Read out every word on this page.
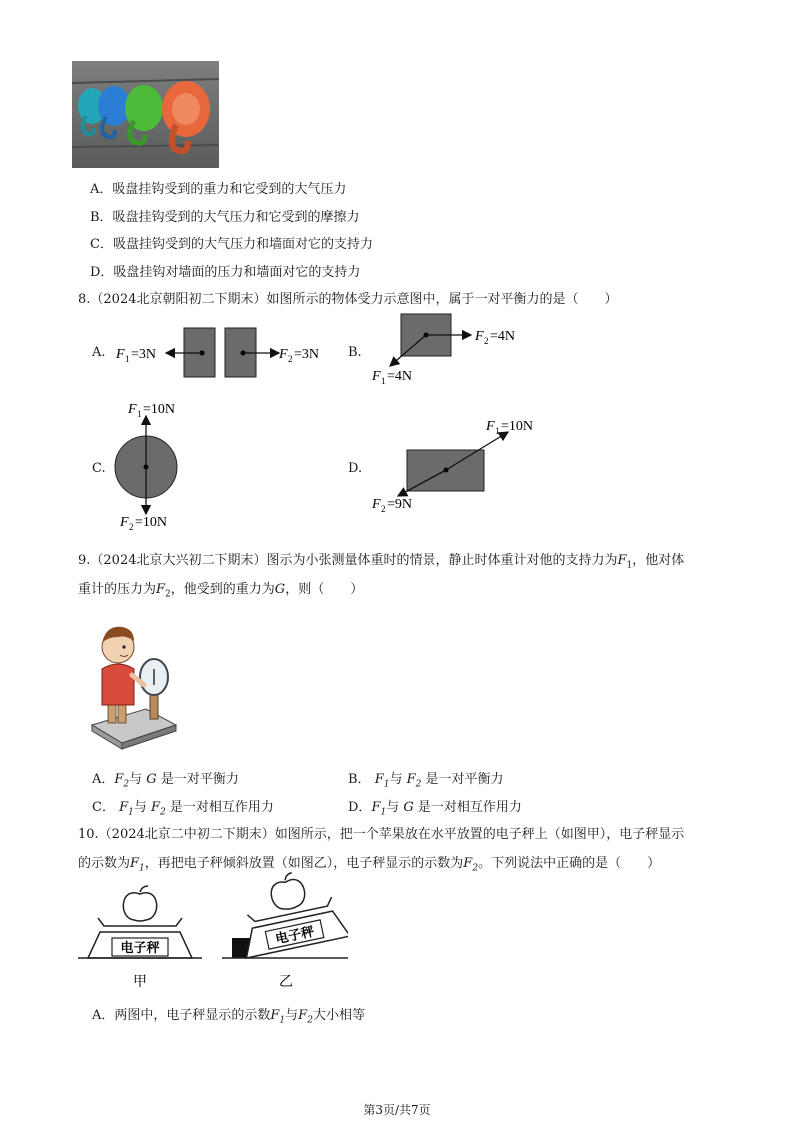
A．吸盘挂钩受到的重力和它受到的大气压力
B．吸盘挂钩受到的大气压力和它受到的摩擦力
C．吸盘挂钩受到的大气压力和墙面对它的支持力
D．吸盘挂钩对墙面的压力和墙面对它的支持力
8.（2024北京朝阳初二下期末）如图所示的物体受力示意图中，属于一对平衡力的是（　　）
A.	B.
C.	D.
F 1 =3N	F 2 =3N
F 2 =4N
F 1 =4N
F 1 =10N
F 2 =10N
F 1 =10N
F 2 =9N
9.（2024北京大兴初二下期末）图示为小张测量体重时的情景，静止时体重计对他的支持力为$F_1$，他对体
重计的压力为$F_2$，他受到的重力为G，则（　　）
A．$F_2$与 G 是一对平衡力	B． $F_1$与 $F_2$ 是一对平衡力
C． $F_1$与 $F_2$ 是一对相互作用力	D．$F_1$与 G 是一对相互作用力
10.（2024北京二中初二下期末）如图所示，把一个苹果放在水平放置的电子秤上（如图甲），电子秤显示
的示数为$F_1$，再把电子秤倾斜放置（如图乙），电子秤显示的示数为$F_2$。下列说法中正确的是（　　）
电子秤
甲
电子秤
乙
A．两图中，电子秤显示的示数$F_1$与$F_2$大小相等
第3页/共7页
